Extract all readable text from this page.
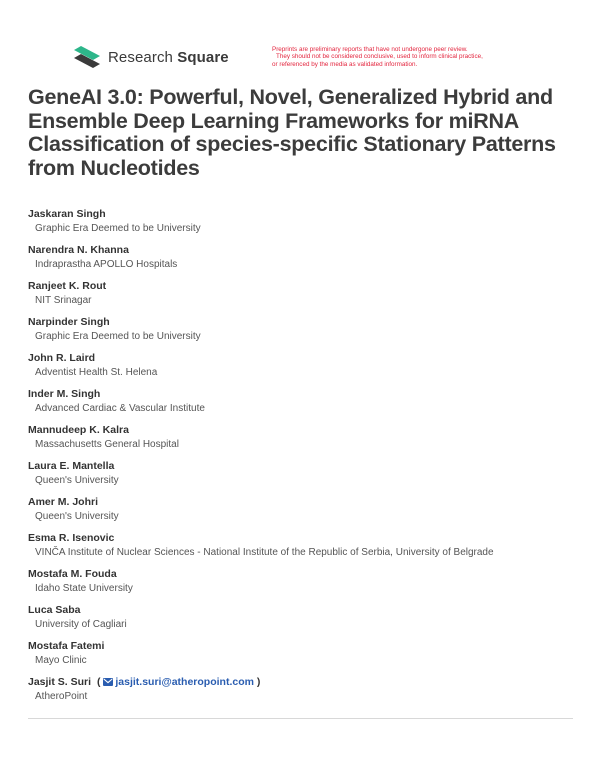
Research Square	Preprints are preliminary reports that have not undergone peer review.
They should not be considered conclusive, used to inform clinical practice,
or referenced by the media as validated information.
GeneAI 3.0: Powerful, Novel, Generalized Hybrid and Ensemble Deep Learning Frameworks for miRNA Classification of species-specific Stationary Patterns from Nucleotides
Jaskaran Singh
Graphic Era Deemed to be University
Narendra N. Khanna
Indraprastha APOLLO Hospitals
Ranjeet K. Rout
NIT Srinagar
Narpinder Singh
Graphic Era Deemed to be University
John R. Laird
Adventist Health St. Helena
Inder M. Singh
Advanced Cardiac & Vascular Institute
Mannudeep K. Kalra
Massachusetts General Hospital
Laura E. Mantella
Queen's University
Amer M. Johri
Queen's University
Esma R. Isenovic
VINČA Institute of Nuclear Sciences - National Institute of the Republic of Serbia, University of Belgrade
Mostafa M. Fouda
Idaho State University
Luca Saba
University of Cagliari
Mostafa Fatemi
Mayo Clinic
Jasjit S. Suri ( jasjit.suri@atheropoint.com )
AtheroPoint
